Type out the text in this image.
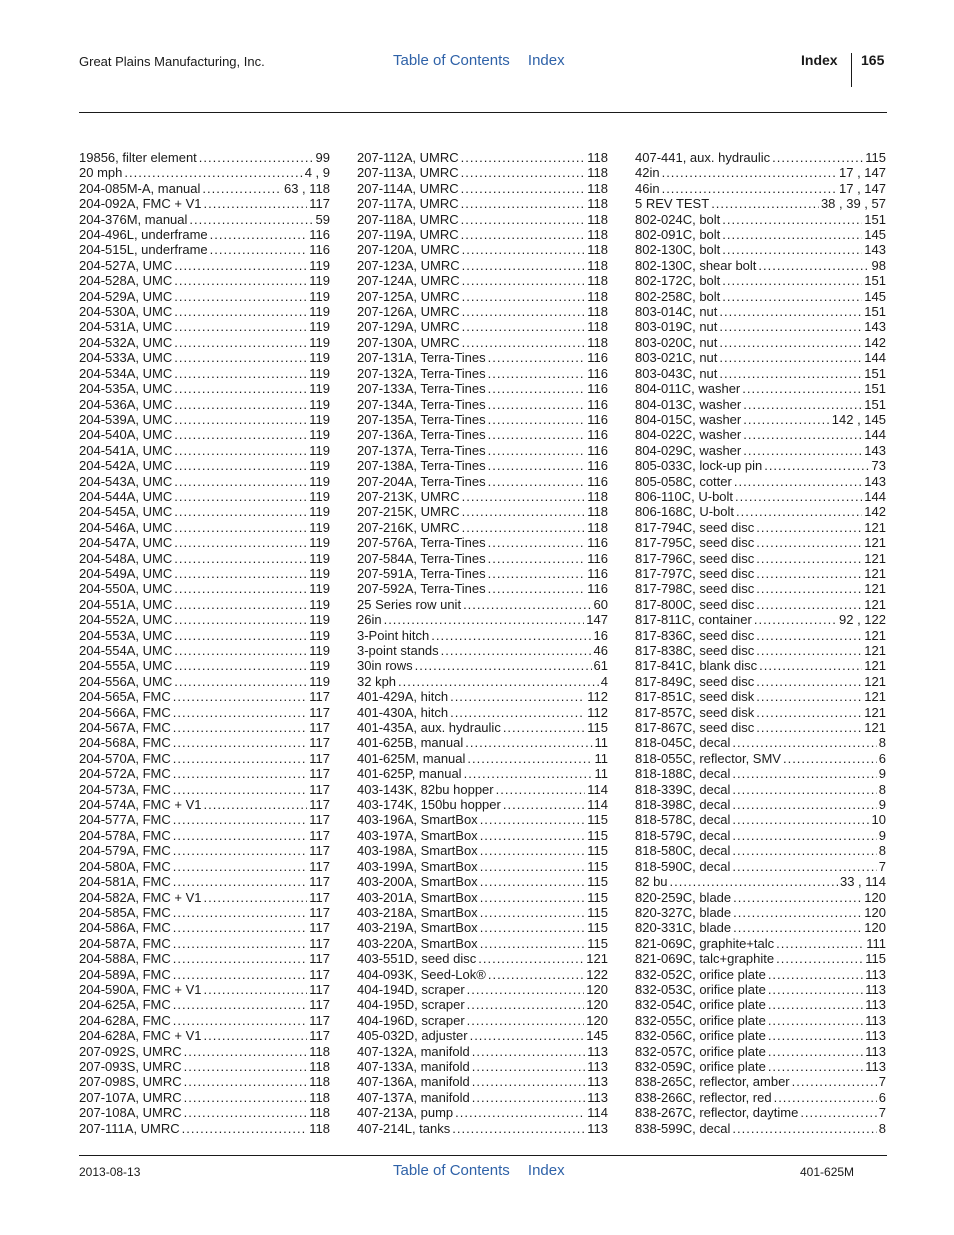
Great Plains Manufacturing, Inc.	Table of Contents Index	Index 165
19856, filter element .....	99
20 mph .....	4 , 9
204-085M-A, manual .....	63 , 118
204-092A, FMC + V1 .....	117
204-376M, manual .....	59
204-496L, underframe .....	116
204-515L, underframe .....	116
204-527A, UMC .....	119
204-528A, UMC .....	119
204-529A, UMC .....	119
204-530A, UMC .....	119
204-531A, UMC .....	119
204-532A, UMC .....	119
204-533A, UMC .....	119
204-534A, UMC .....	119
204-535A, UMC .....	119
204-536A, UMC .....	119
204-539A, UMC .....	119
204-540A, UMC .....	119
204-541A, UMC .....	119
204-542A, UMC .....	119
204-543A, UMC .....	119
204-544A, UMC .....	119
204-545A, UMC .....	119
204-546A, UMC .....	119
204-547A, UMC .....	119
204-548A, UMC .....	119
204-549A, UMC .....	119
204-550A, UMC .....	119
204-551A, UMC .....	119
204-552A, UMC .....	119
204-553A, UMC .....	119
204-554A, UMC .....	119
204-555A, UMC .....	119
204-556A, UMC .....	119
204-565A, FMC .....	117
204-566A, FMC .....	117
204-567A, FMC .....	117
204-568A, FMC .....	117
204-570A, FMC .....	117
204-572A, FMC .....	117
204-573A, FMC .....	117
204-574A, FMC + V1 .....	117
204-577A, FMC .....	117
204-578A, FMC .....	117
204-579A, FMC .....	117
204-580A, FMC .....	117
204-581A, FMC .....	117
204-582A, FMC + V1 .....	117
204-585A, FMC .....	117
204-586A, FMC .....	117
204-587A, FMC .....	117
204-588A, FMC .....	117
204-589A, FMC .....	117
204-590A, FMC + V1 .....	117
204-625A, FMC .....	117
204-628A, FMC .....	117
204-628A, FMC + V1 .....	117
207-092S, UMRC .....	118
207-093S, UMRC .....	118
207-098S, UMRC .....	118
207-107A, UMRC .....	118
207-108A, UMRC .....	118
207-111A, UMRC .....	118
207-112A, UMRC .....	118
207-113A, UMRC .....	118
207-114A, UMRC .....	118
207-117A, UMRC .....	118
207-118A, UMRC .....	118
207-119A, UMRC .....	118
207-120A, UMRC .....	118
207-123A, UMRC .....	118
207-124A, UMRC .....	118
207-125A, UMRC .....	118
207-126A, UMRC .....	118
207-129A, UMRC .....	118
207-130A, UMRC .....	118
207-131A, Terra-Tines .....	116
207-132A, Terra-Tines .....	116
207-133A, Terra-Tines .....	116
207-134A, Terra-Tines .....	116
207-135A, Terra-Tines .....	116
207-136A, Terra-Tines .....	116
207-137A, Terra-Tines .....	116
207-138A, Terra-Tines .....	116
207-204A, Terra-Tines .....	116
207-213K, UMRC .....	118
207-215K, UMRC .....	118
207-216K, UMRC .....	118
207-576A, Terra-Tines .....	116
207-584A, Terra-Tines .....	116
207-591A, Terra-Tines .....	116
207-592A, Terra-Tines .....	116
25 Series row unit .....	60
26in .....	147
3-Point hitch .....	16
3-point stands .....	46
30in rows .....	61
32 kph .....	4
401-429A, hitch .....	112
401-430A, hitch .....	112
401-435A, aux. hydraulic .....	115
401-625B, manual .....	11
401-625M, manual .....	11
401-625P, manual .....	11
403-143K, 82bu hopper .....	114
403-174K, 150bu hopper .....	114
403-196A, SmartBox .....	115
403-197A, SmartBox .....	115
403-198A, SmartBox .....	115
403-199A, SmartBox .....	115
403-200A, SmartBox .....	115
403-201A, SmartBox .....	115
403-218A, SmartBox .....	115
403-219A, SmartBox .....	115
403-220A, SmartBox .....	115
403-551D, seed disc .....	121
404-093K, Seed-Lok® .....	122
404-194D, scraper .....	120
404-195D, scraper .....	120
404-196D, scraper .....	120
405-032D, adjuster .....	145
407-132A, manifold .....	113
407-133A, manifold .....	113
407-136A, manifold .....	113
407-137A, manifold .....	113
407-213A, pump .....	114
407-214L, tanks .....	113
407-441, aux. hydraulic .....	115
42in .....	17 , 147
46in .....	17 , 147
5 REV TEST .....	38 , 39 , 57
802-024C, bolt .....	151
802-091C, bolt .....	145
802-130C, bolt .....	143
802-130C, shear bolt .....	98
802-172C, bolt .....	151
802-258C, bolt .....	145
803-014C, nut .....	151
803-019C, nut .....	143
803-020C, nut .....	142
803-021C, nut .....	144
803-043C, nut .....	151
804-011C, washer .....	151
804-013C, washer .....	151
804-015C, washer .....	142 , 145
804-022C, washer .....	144
804-029C, washer .....	143
805-033C, lock-up pin .....	73
805-058C, cotter .....	143
806-110C, U-bolt .....	144
806-168C, U-bolt .....	142
817-794C, seed disc .....	121
817-795C, seed disc .....	121
817-796C, seed disc .....	121
817-797C, seed disc .....	121
817-798C, seed disc .....	121
817-800C, seed disc .....	121
817-811C, container .....	92 , 122
817-836C, seed disc .....	121
817-838C, seed disc .....	121
817-841C, blank disc .....	121
817-849C, seed disc .....	121
817-851C, seed disk .....	121
817-857C, seed disk .....	121
817-867C, seed disc .....	121
818-045C, decal .....	8
818-055C, reflector, SMV .....	6
818-188C, decal .....	9
818-339C, decal .....	8
818-398C, decal .....	9
818-578C, decal .....	10
818-579C, decal .....	9
818-580C, decal .....	8
818-590C, decal .....	7
82 bu .....	33 , 114
820-259C, blade .....	120
820-327C, blade .....	120
820-331C, blade .....	120
821-069C, graphite+talc .....	111
821-069C, talc+graphite .....	115
832-052C, orifice plate .....	113
832-053C, orifice plate .....	113
832-054C, orifice plate .....	113
832-055C, orifice plate .....	113
832-056C, orifice plate .....	113
832-057C, orifice plate .....	113
832-059C, orifice plate .....	113
838-265C, reflector, amber .....	7
838-266C, reflector, red .....	6
838-267C, reflector, daytime .....	7
838-599C, decal .....	8
2013-08-13	Table of Contents Index	401-625M
